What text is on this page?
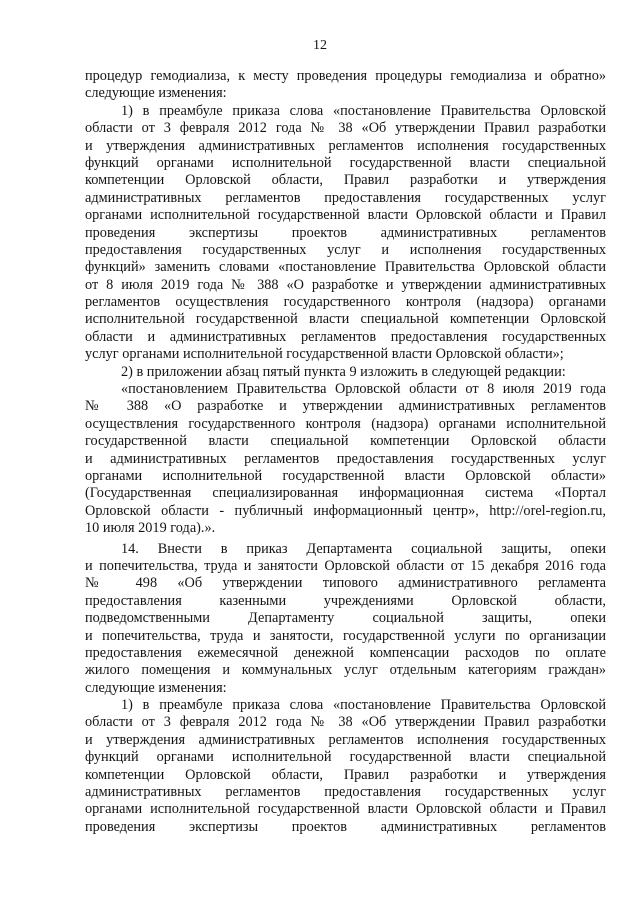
12
процедур гемодиализа, к месту проведения процедуры гемодиализа и обратно»
следующие изменения:
1) в преамбуле приказа слова «постановление Правительства Орловской
области от 3 февраля 2012 года № 38 «Об утверждении Правил разработки
и утверждения административных регламентов исполнения государственных
функций органами исполнительной государственной власти специальной
компетенции Орловской области, Правил разработки и утверждения
административных регламентов предоставления государственных услуг
органами исполнительной государственной власти Орловской области и Правил
проведения экспертизы проектов административных регламентов
предоставления государственных услуг и исполнения государственных
функций» заменить словами «постановление Правительства Орловской области
от 8 июля 2019 года № 388 «О разработке и утверждении административных
регламентов осуществления государственного контроля (надзора) органами
исполнительной государственной власти специальной компетенции Орловской
области и административных регламентов предоставления государственных
услуг органами исполнительной государственной власти Орловской области»;
2) в приложении абзац пятый пункта 9 изложить в следующей редакции:
«постановлением Правительства Орловской области от 8 июля 2019 года
№ 388 «О разработке и утверждении административных регламентов
осуществления государственного контроля (надзора) органами исполнительной
государственной власти специальной компетенции Орловской области
и административных регламентов предоставления государственных услуг
органами исполнительной государственной власти Орловской области»
(Государственная специализированная информационная система «Портал
Орловской области - публичный информационный центр», http://orel-region.ru,
10 июля 2019 года).».
14. Внести в приказ Департамента социальной защиты, опеки
и попечительства, труда и занятости Орловской области от 15 декабря 2016 года
№ 498 «Об утверждении типового административного регламента
предоставления казенными учреждениями Орловской области,
подведомственными Департаменту социальной защиты, опеки
и попечительства, труда и занятости, государственной услуги по организации
предоставления ежемесячной денежной компенсации расходов по оплате
жилого помещения и коммунальных услуг отдельным категориям граждан»
следующие изменения:
1) в преамбуле приказа слова «постановление Правительства Орловской
области от 3 февраля 2012 года № 38 «Об утверждении Правил разработки
и утверждения административных регламентов исполнения государственных
функций органами исполнительной государственной власти специальной
компетенции Орловской области, Правил разработки и утверждения
административных регламентов предоставления государственных услуг
органами исполнительной государственной власти Орловской области и Правил
проведения экспертизы проектов административных регламентов
